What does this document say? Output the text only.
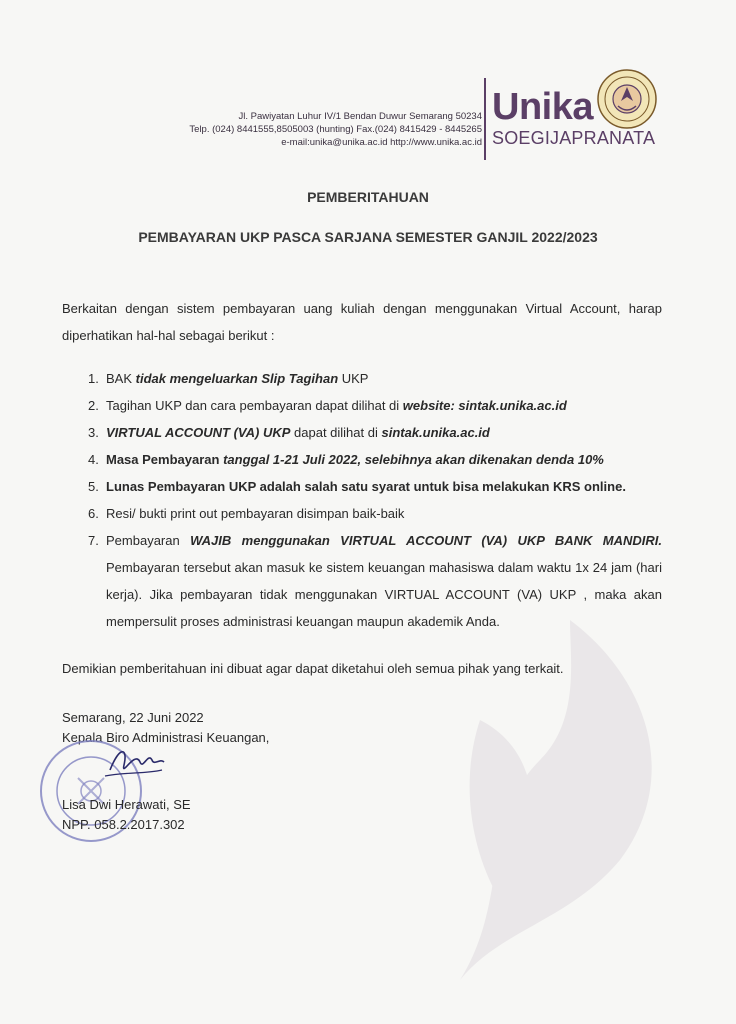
Jl. Pawiyatan Luhur IV/1 Bendan Duwur Semarang 50234
Telp. (024) 8441555,8505003 (hunting) Fax.(024) 8415429 - 8445265
e-mail:unika@unika.ac.id http://www.unika.ac.id
Unika
SOEGIJAPRANATA
PEMBERITAHUAN
PEMBAYARAN UKP PASCA SARJANA SEMESTER GANJIL 2022/2023
Berkaitan dengan sistem pembayaran uang kuliah dengan menggunakan Virtual Account, harap diperhatikan hal-hal sebagai berikut :
1. BAK tidak mengeluarkan Slip Tagihan UKP
2. Tagihan UKP dan cara pembayaran dapat dilihat di website: sintak.unika.ac.id
3. VIRTUAL ACCOUNT (VA) UKP dapat dilihat di sintak.unika.ac.id
4. Masa Pembayaran tanggal 1-21 Juli 2022, selebihnya akan dikenakan denda 10%
5. Lunas Pembayaran UKP adalah salah satu syarat untuk bisa melakukan KRS online.
6. Resi/ bukti print out pembayaran disimpan baik-baik
7. Pembayaran WAJIB menggunakan VIRTUAL ACCOUNT (VA) UKP BANK MANDIRI. Pembayaran tersebut akan masuk ke sistem keuangan mahasiswa dalam waktu 1x 24 jam (hari kerja). Jika pembayaran tidak menggunakan VIRTUAL ACCOUNT (VA) UKP , maka akan mempersulit proses administrasi keuangan maupun akademik Anda.
Demikian pemberitahuan ini dibuat agar dapat diketahui oleh semua pihak yang terkait.
Semarang, 22 Juni 2022
Kepala Biro Administrasi Keuangan,
Lisa Dwi Herawati, SE
NPP. 058.2.2017.302
